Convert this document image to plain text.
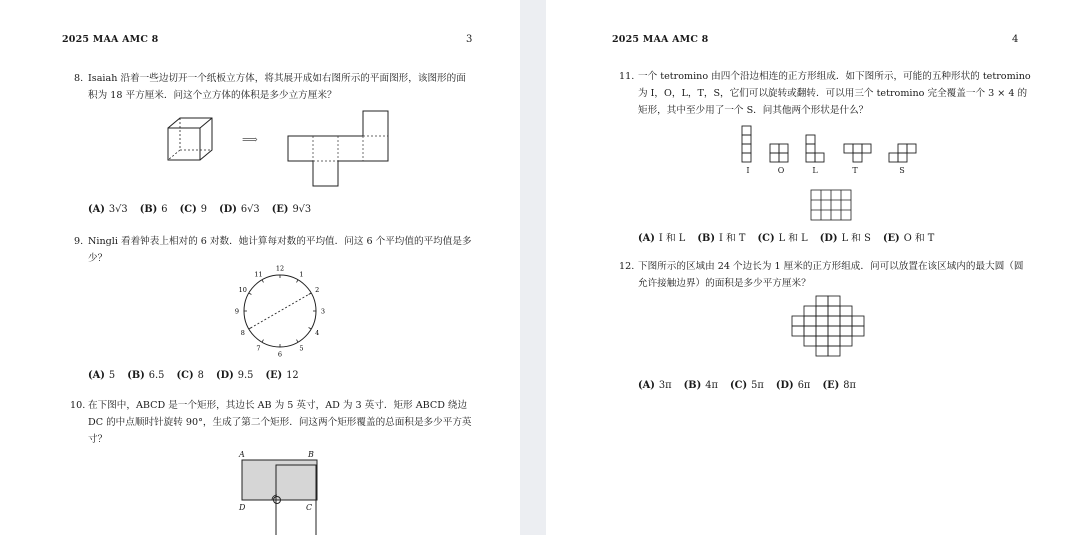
2025 MAA AMC 8	3
8. Isaiah 沿着一些边切开一个纸板立方体，将其展开成如右图所示的平面图形，该图形的面
积为 18 平方厘米．问这个立方体的体积是多少立方厘米？
⟹
(A) 3√3 (B) 6 (C) 9 (D) 6√3 (E) 9√3
9. Ningli 看着钟表上相对的 6 对数．她计算每对数的平均值．问这 6 个平均值的平均值是多
少？
12
1
2
3
4
5
6
7
8
9
10
11
(A) 5 (B) 6.5 (C) 8 (D) 9.5 (E) 12
10. 在下图中，ABCD 是一个矩形，其边长 AB 为 5 英寸，AD 为 3 英寸．矩形 ABCD 绕边
DC 的中点顺时针旋转 90°，生成了第二个矩形．问这两个矩形覆盖的总面积是多少平方英
寸？
A	B
D	C
2025 MAA AMC 8	4
11. 一个 tetromino 由四个沿边相连的正方形组成．如下图所示，可能的五种形状的 tetromino
为 I，O，L，T，S，它们可以旋转或翻转．可以用三个 tetromino 完全覆盖一个 3 × 4 的
矩形，其中至少用了一个 S．问其他两个形状是什么？
I	O	L	T	S
(A) I 和 L (B) I 和 T (C) L 和 L (D) L 和 S (E) O 和 T
12. 下图所示的区域由 24 个边长为 1 厘米的正方形组成．问可以放置在该区域内的最大圆（圆
允许接触边界）的面积是多少平方厘米？
(A) 3π (B) 4π (C) 5π (D) 6π (E) 8π
